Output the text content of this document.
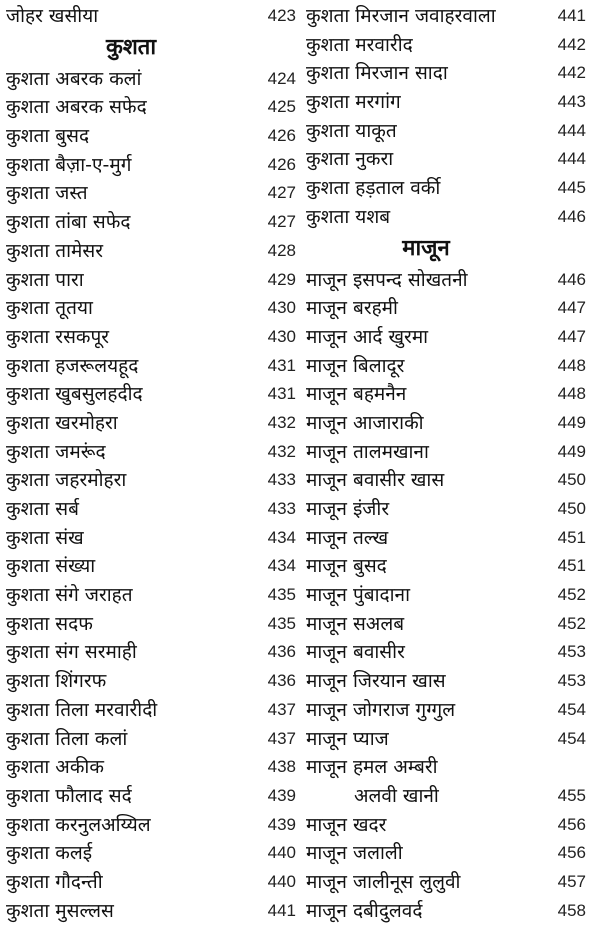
जोहर खसीया	423
कुशता
कुशता अबरक कलां	424
कुशता अबरक सफेद	425
कुशता बुसद	426
कुशता बैज़ा-ए-मुर्ग	426
कुशता जस्त	427
कुशता तांबा सफेद	427
कुशता तामेसर	428
कुशता पारा	429
कुशता तूतया	430
कुशता रसकपूर	430
कुशता हजरूलयहूद	431
कुशता खुबसुलहदीद	431
कुशता खरमोहरा	432
कुशता जमरूंद	432
कुशता जहरमोहरा	433
कुशता सर्ब	433
कुशता संख	434
कुशता संख्या	434
कुशता संगे जराहत	435
कुशता सदफ	435
कुशता संग सरमाही	436
कुशता शिंगरफ	436
कुशता तिला मरवारीदी	437
कुशता तिला कलां	437
कुशता अकीक	438
कुशता फौलाद सर्द	439
कुशता करनुलअय्यिल	439
कुशता कलई	440
कुशता गौदन्ती	440
कुशता मुसल्लस	441
कुशता मिरजान जवाहरवाला	441
कुशता मरवारीद	442
कुशता मिरजान सादा	442
कुशता मरगांग	443
कुशता याकूत	444
कुशता नुकरा	444
कुशता हड़ताल वर्की	445
कुशता यशब	446
माजून
माजून इसपन्द सोखतनी	446
माजून बरहमी	447
माजून आर्द खुरमा	447
माजून बिलादूर	448
माजून बहमनैन	448
माजून आजाराकी	449
माजून तालमखाना	449
माजून बवासीर खास	450
माजून इंजीर	450
माजून तल्ख	451
माजून बुसद	451
माजून पुंबादाना	452
माजून सअलब	452
माजून बवासीर	453
माजून जिरयान खास	453
माजून जोगराज गुग्गुल	454
माजून प्याज	454
माजून हमल अम्बरी
अलवी खानी	455
माजून खदर	456
माजून जलाली	456
माजून जालीनूस लुलुवी	457
माजून दबीदुलवर्द	458
